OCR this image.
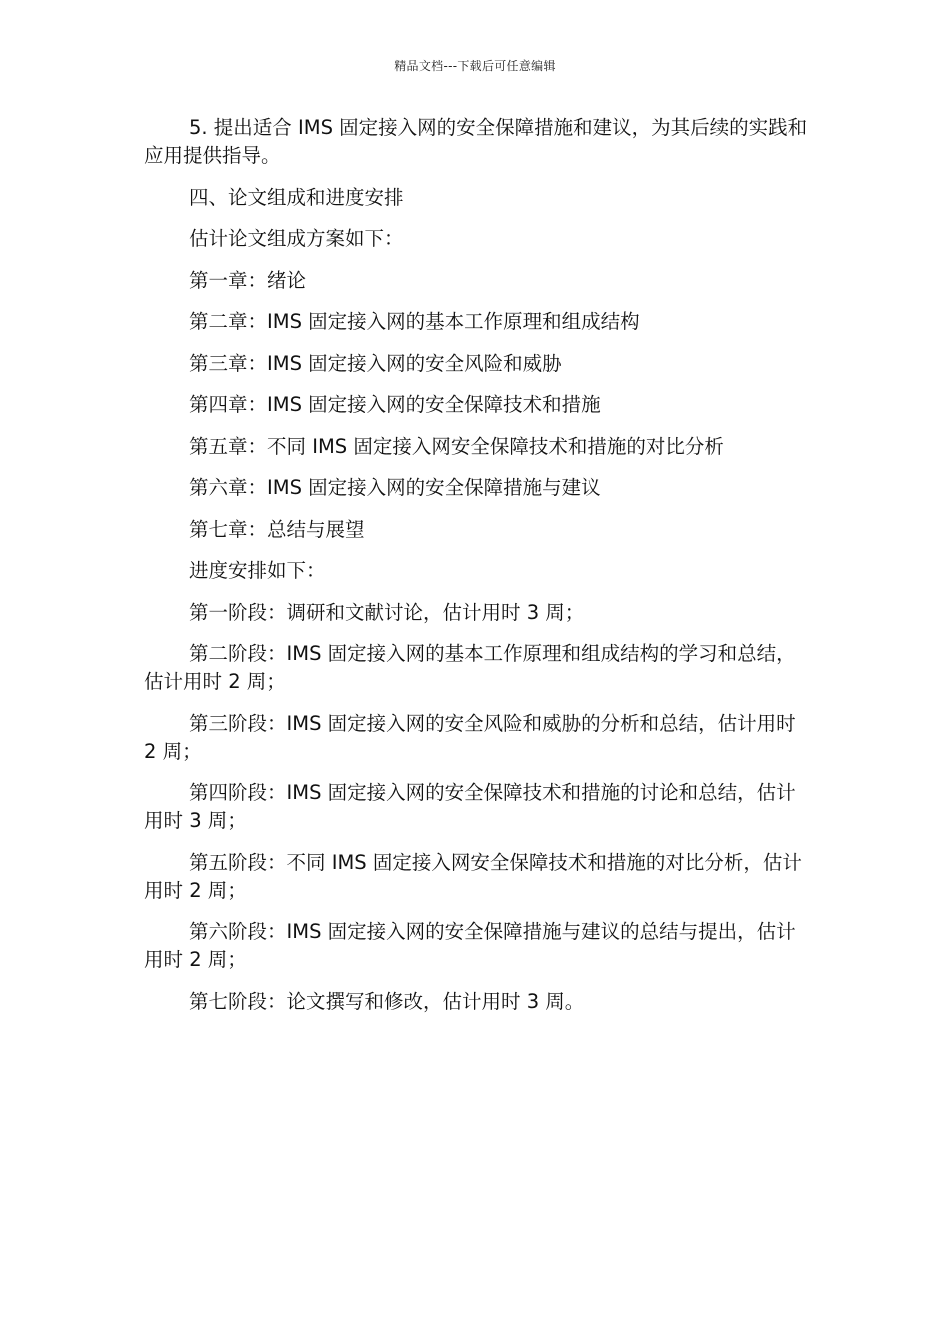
精品文档---下载后可任意编辑

5. 提出适合 IMS 固定接入网的安全保障措施和建议，为其后续的实践和应用提供指导。

四、论文组成和进度安排

估计论文组成方案如下：

第一章：绪论

第二章：IMS 固定接入网的基本工作原理和组成结构

第三章：IMS 固定接入网的安全风险和威胁

第四章：IMS 固定接入网的安全保障技术和措施

第五章：不同 IMS 固定接入网安全保障技术和措施的对比分析

第六章：IMS 固定接入网的安全保障措施与建议

第七章：总结与展望

进度安排如下：

第一阶段：调研和文献讨论，估计用时 3 周；

第二阶段：IMS 固定接入网的基本工作原理和组成结构的学习和总结，估计用时 2 周；

第三阶段：IMS 固定接入网的安全风险和威胁的分析和总结，估计用时 2 周；

第四阶段：IMS 固定接入网的安全保障技术和措施的讨论和总结，估计用时 3 周；

第五阶段：不同 IMS 固定接入网安全保障技术和措施的对比分析，估计用时 2 周；

第六阶段：IMS 固定接入网的安全保障措施与建议的总结与提出，估计用时 2 周；

第七阶段：论文撰写和修改，估计用时 3 周。
